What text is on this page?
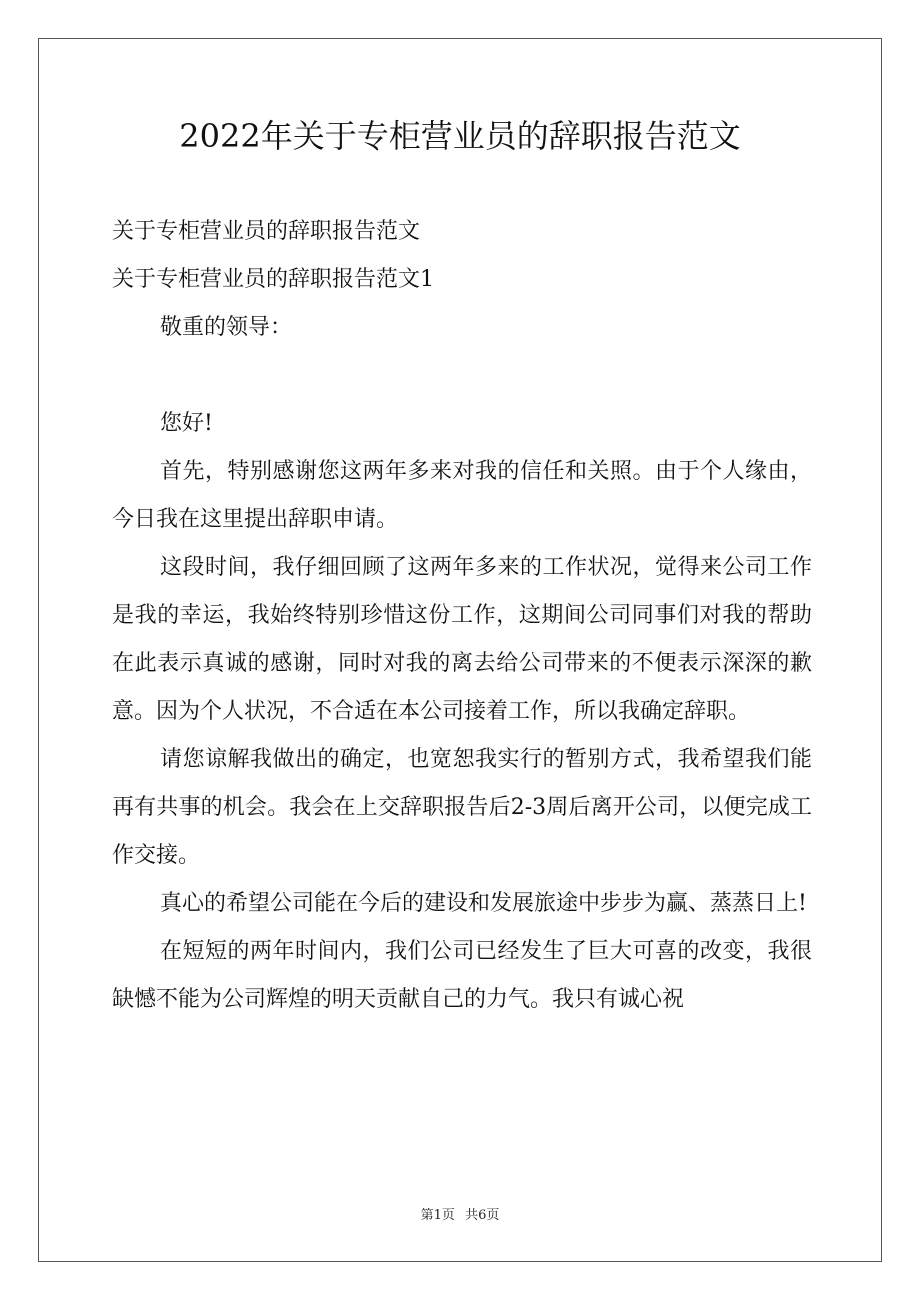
2022年关于专柜营业员的辞职报告范文

关于专柜营业员的辞职报告范文

关于专柜营业员的辞职报告范文1

敬重的领导：

您好!

首先，特别感谢您这两年多来对我的信任和关照。由于个人缘由，今日我在这里提出辞职申请。

这段时间，我仔细回顾了这两年多来的工作状况，觉得来公司工作是我的幸运，我始终特别珍惜这份工作，这期间公司同事们对我的帮助在此表示真诚的感谢，同时对我的离去给公司带来的不便表示深深的歉意。因为个人状况，不合适在本公司接着工作，所以我确定辞职。

请您谅解我做出的确定，也宽恕我实行的暂别方式，我希望我们能再有共事的机会。我会在上交辞职报告后2-3周后离开公司，以便完成工作交接。

真心的希望公司能在今后的建设和发展旅途中步步为赢、蒸蒸日上!

在短短的两年时间内，我们公司已经发生了巨大可喜的改变，我很缺憾不能为公司辉煌的明天贡献自己的力气。我只有诚心祝

第1页 共6页
